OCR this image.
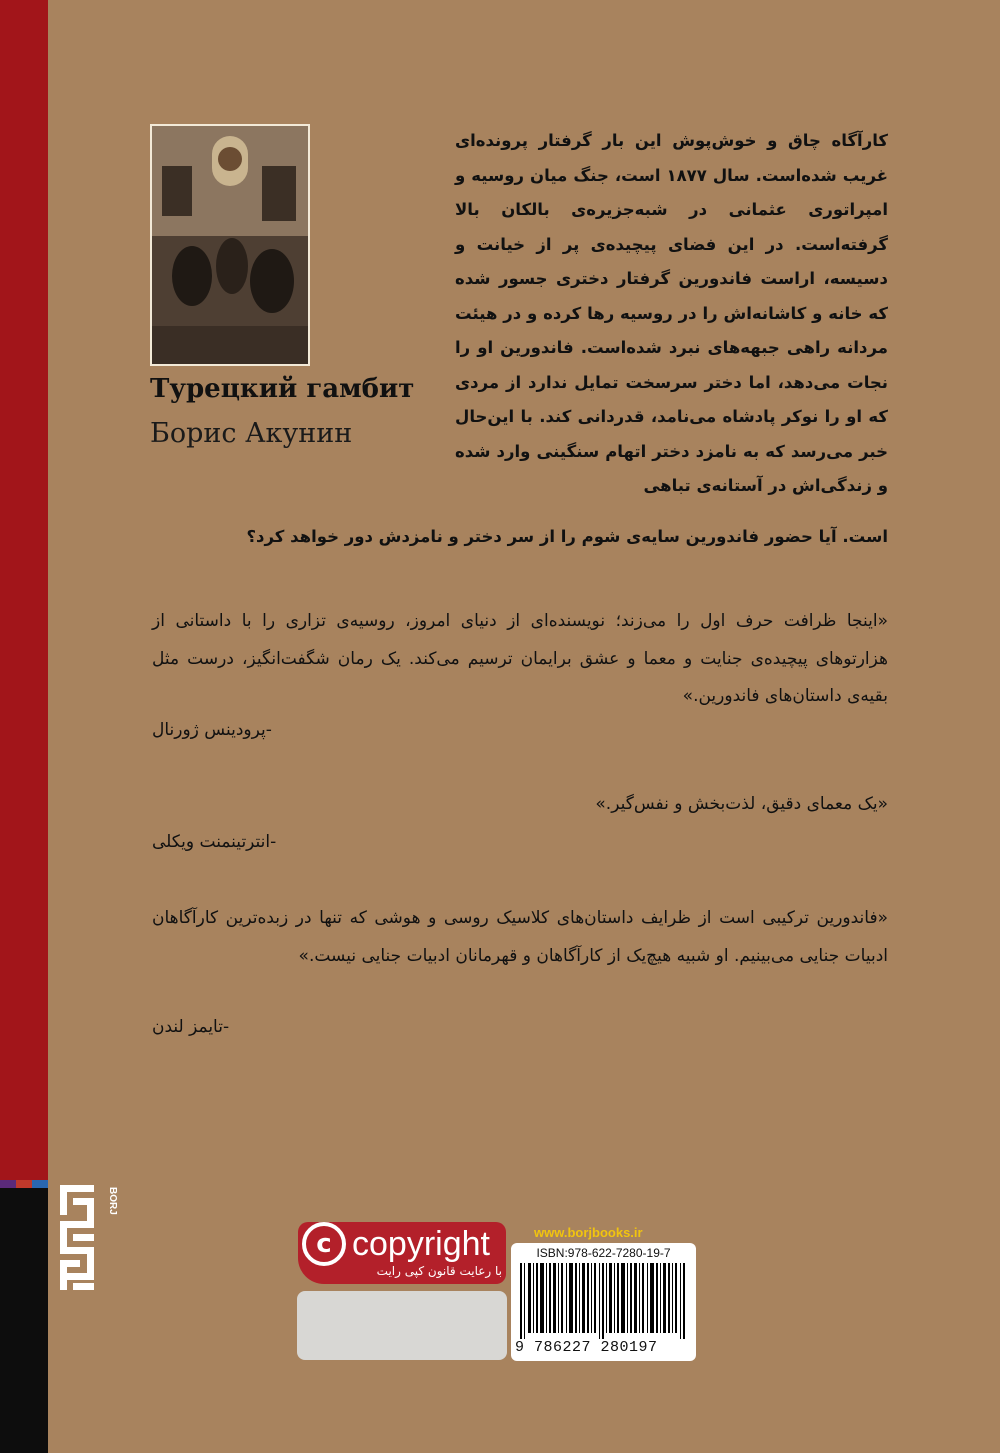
Турецкий гамбит
Борис Акунин

کارآگاه چاق و خوش‌پوش این بار گرفتار پرونده‌ای غریب شده‌است. سال ۱۸۷۷ است، جنگ میان روسیه و امپراتوری عثمانی در شبه‌جزیره‌ی بالکان بالا گرفته‌است. در این فضای پیچیده‌ی پر از خیانت و دسیسه، اراست فاندورین گرفتار دختری جسور شده که خانه و کاشانه‌اش را در روسیه رها کرده و در هیئت مردانه راهی جبهه‌های نبرد شده‌است. فاندورین او را نجات می‌دهد، اما دختر سرسخت تمایل ندارد از مردی که او را نوکر پادشاه می‌نامد، قدردانی کند. با این‌حال خبر می‌رسد که به نامزد دختر اتهام سنگینی وارد شده و زندگی‌اش در آستانه‌ی تباهی

است. آیا حضور فاندورین سایه‌ی شوم را از سر دختر و نامزدش دور خواهد کرد؟

«اینجا ظرافت حرف اول را می‌زند؛ نویسنده‌ای از دنیای امروز، روسیه‌ی تزاری را با داستانی از هزارتوهای پیچیده‌ی جنایت و معما و عشق برایمان ترسیم می‌کند. یک رمان شگفت‌انگیز، درست مثل بقیه‌ی داستان‌های فاندورین.»

-پرودینس ژورنال

«یک معمای دقیق، لذت‌بخش و نفس‌گیر.»

-انترتینمنت ویکلی

«فاندورین ترکیبی است از ظرایف داستان‌های کلاسیک روسی و هوشی که تنها در زبده‌ترین کارآگاهان ادبیات جنایی می‌بینیم. او شبیه هیچ‌یک از کارآگاهان و قهرمانان ادبیات جنایی نیست.»

-تایمز لندن
c copyright
با رعایت قانون کپی رایت
www.borjbooks.ir
ISBN:978-622-7280-19-7
9 786227 280197
BORJ
